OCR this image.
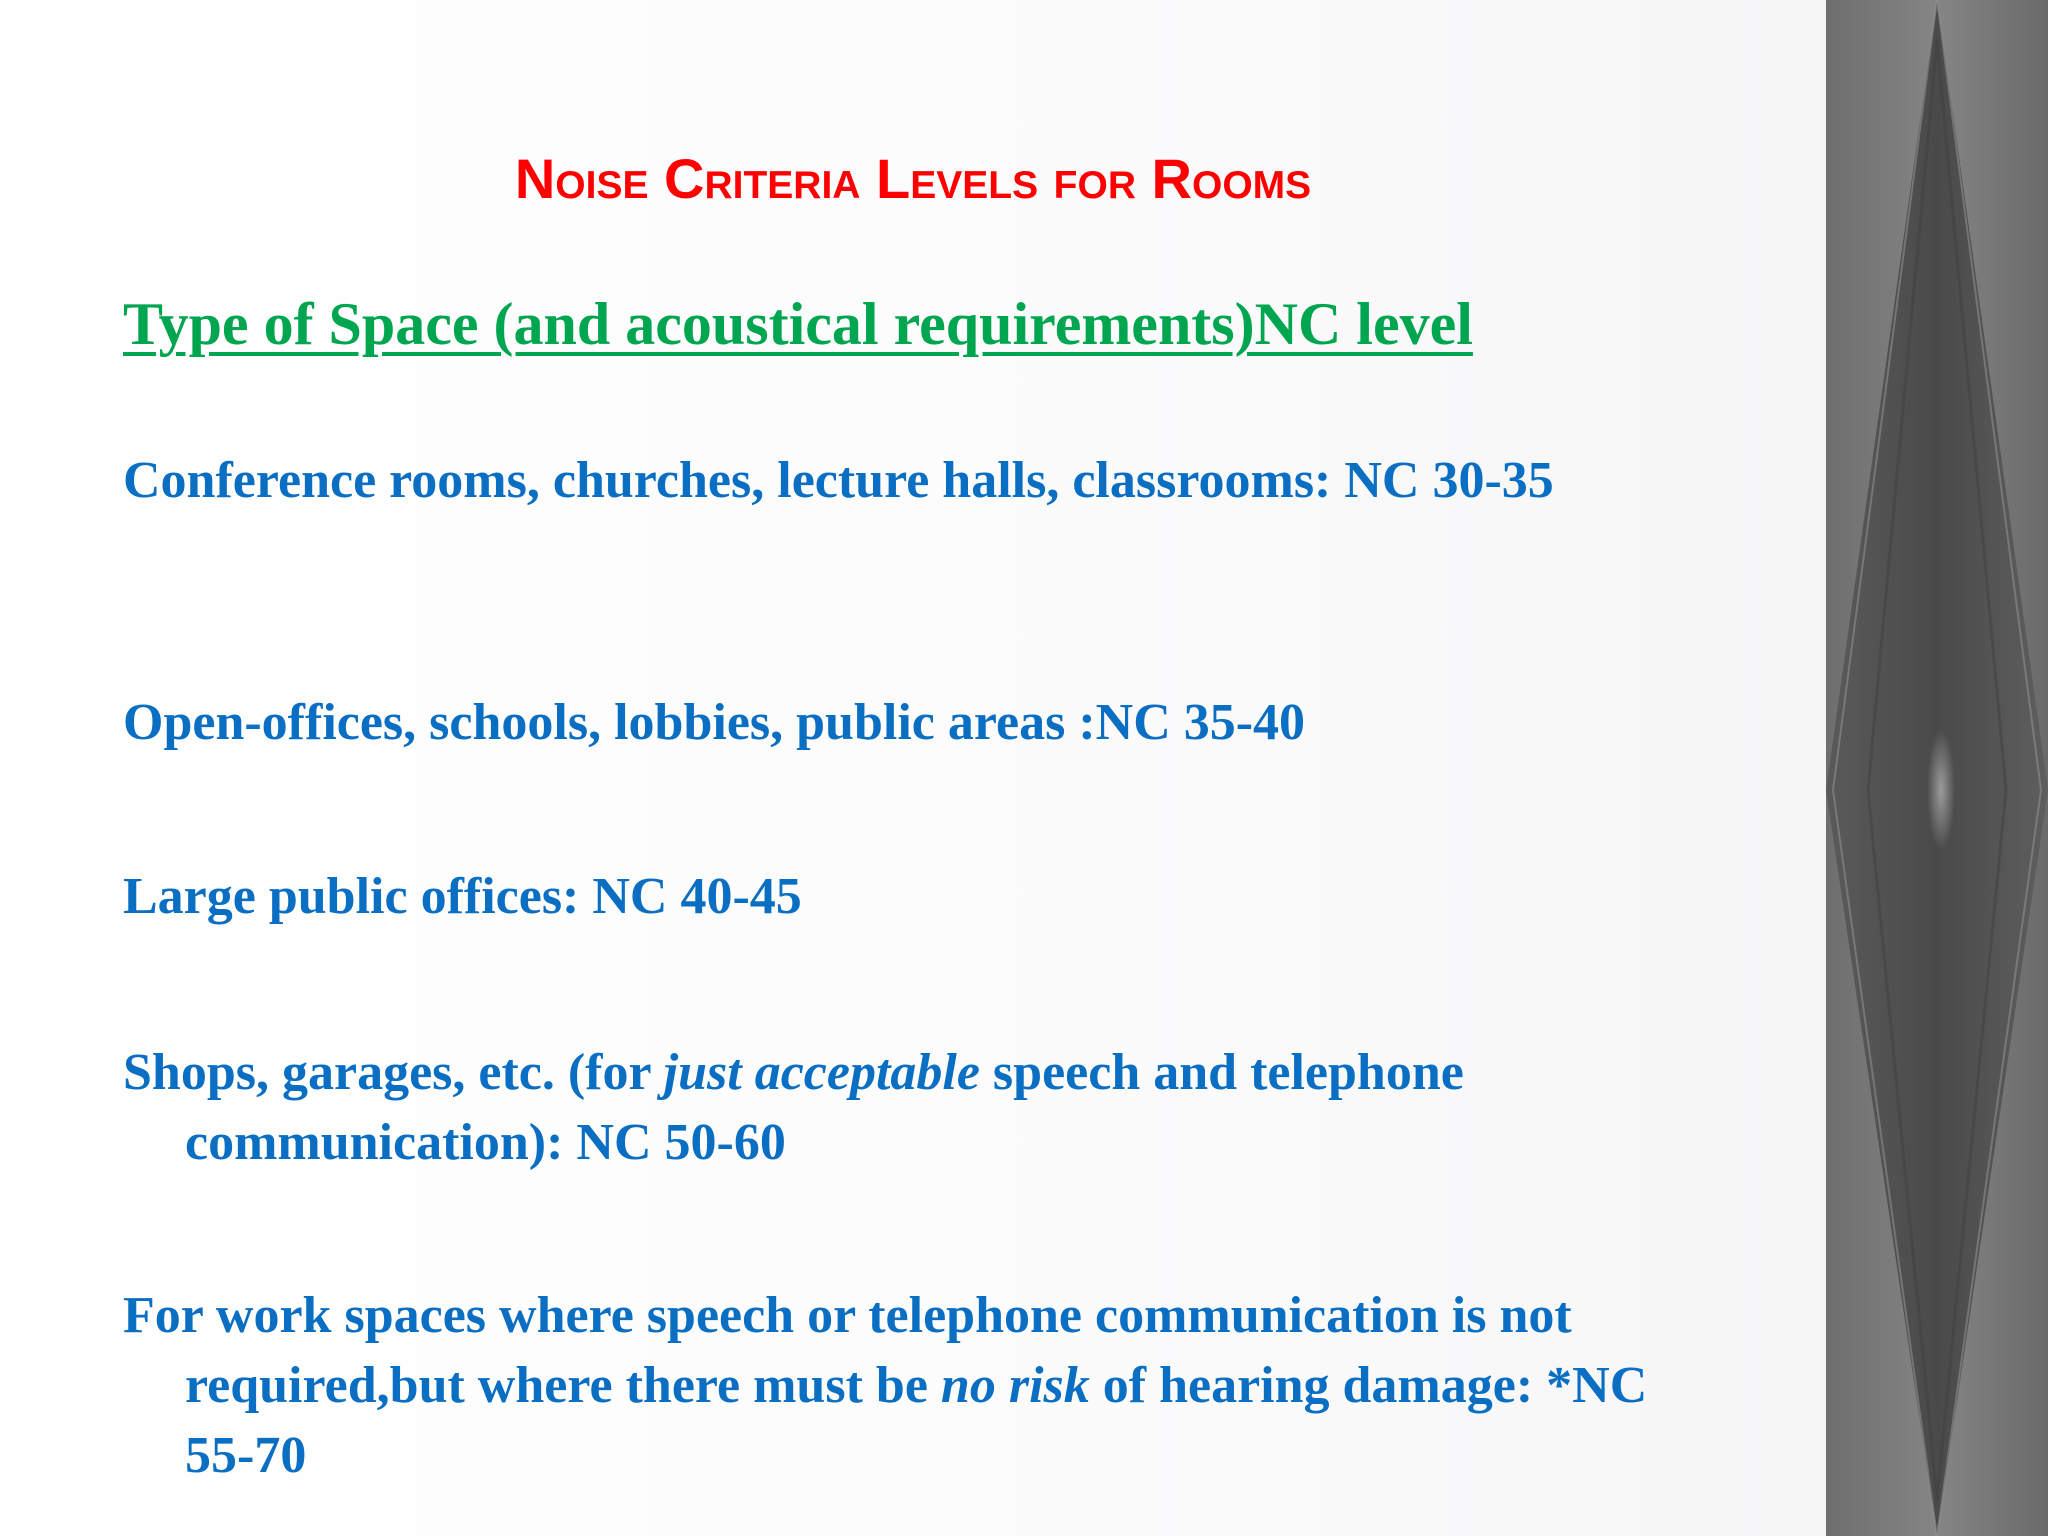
Noise Criteria Levels for Rooms
Type of Space (and acoustical requirements)NC level

Conference rooms, churches, lecture halls, classrooms: NC 30-35

Open-offices, schools, lobbies, public areas :NC 35-40

Large public offices: NC 40-45

Shops, garages, etc. (for just acceptable speech and telephone communication): NC 50-60

For work spaces where speech or telephone communication is not required,but where there must be no risk of hearing damage: *NC 55-70
